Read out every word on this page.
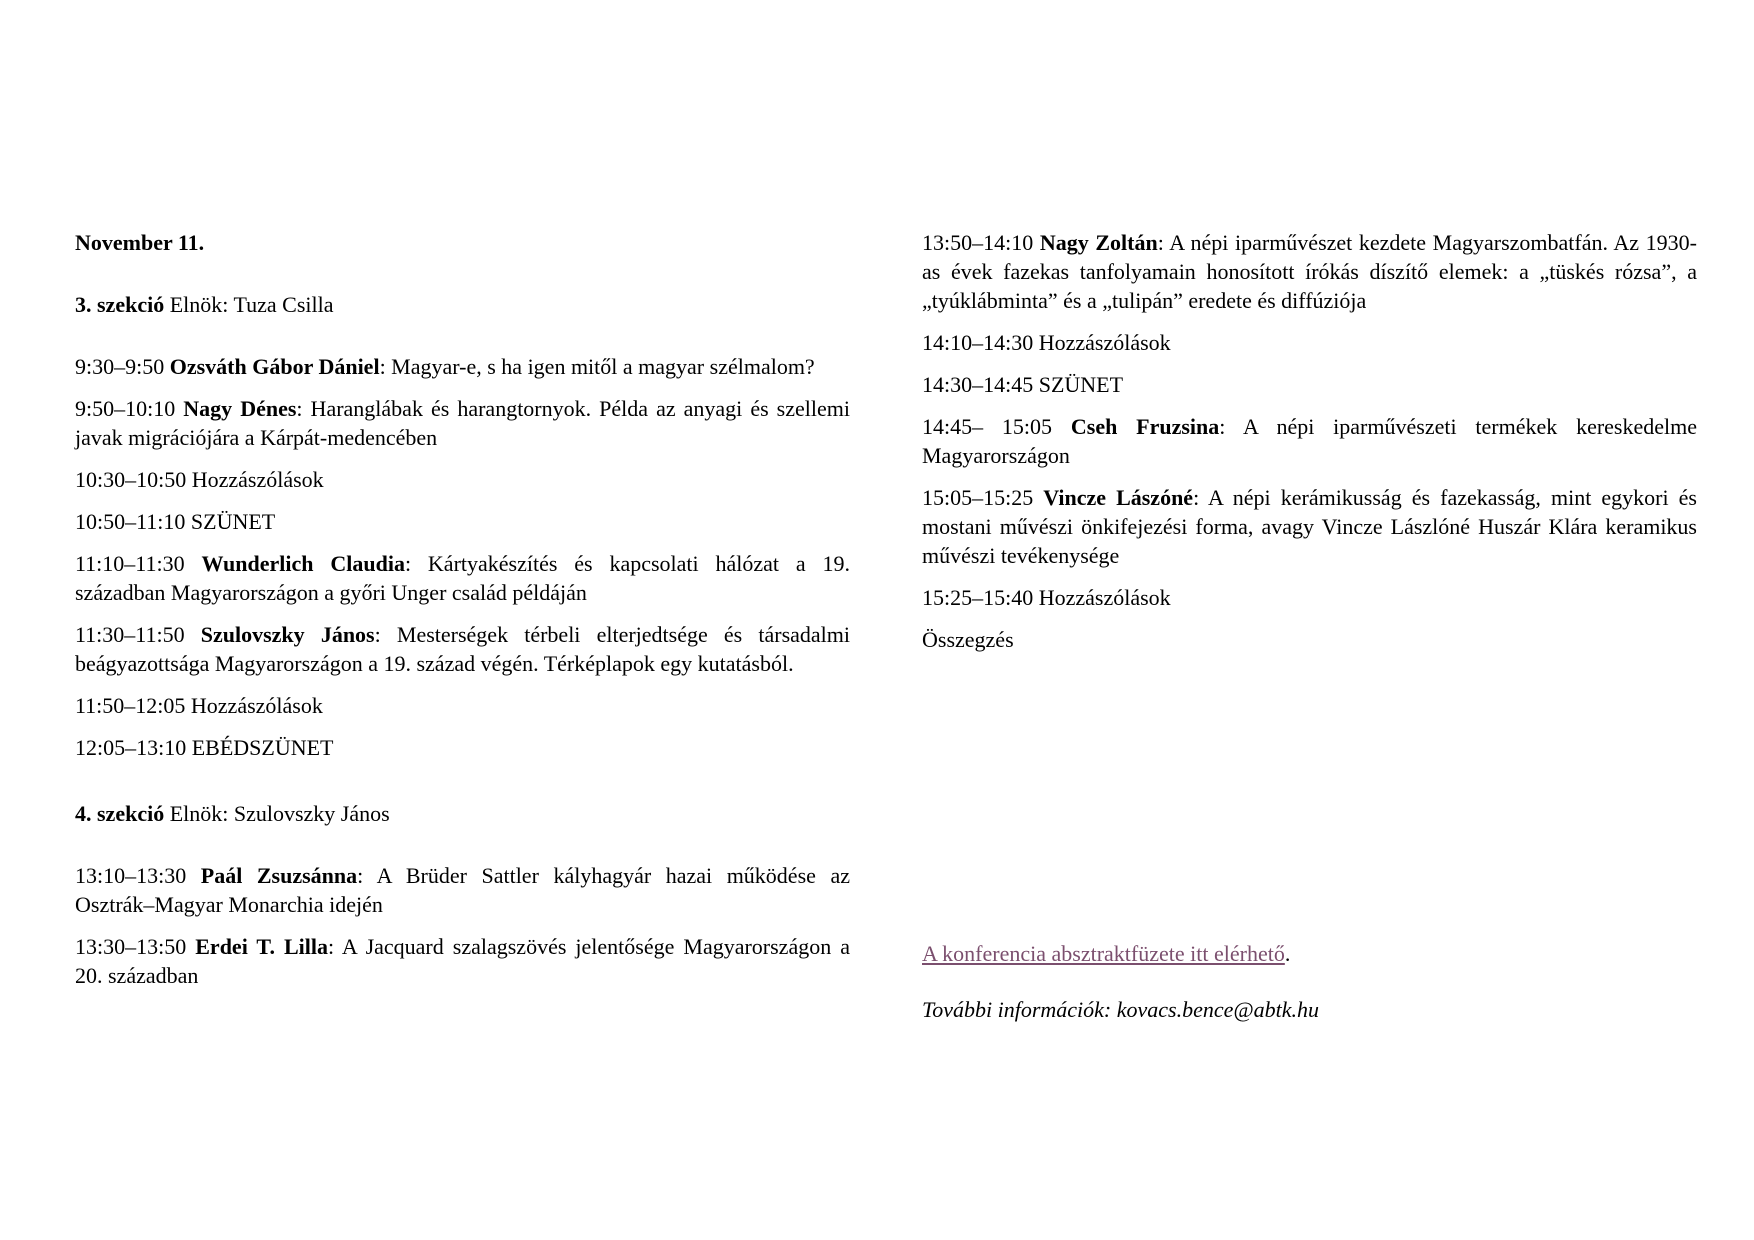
November 11.
3. szekció Elnök: Tuza Csilla
9:30–9:50 Ozsváth Gábor Dániel: Magyar-e, s ha igen mitől a magyar szélmalom?
9:50–10:10 Nagy Dénes: Haranglábak és harangtornyok. Példa az anyagi és szellemi javak migrációjára a Kárpát-medencében
10:30–10:50 Hozzászólások
10:50–11:10 SZÜNET
11:10–11:30 Wunderlich Claudia: Kártyakészítés és kapcsolati hálózat a 19. században Magyarországon a győri Unger család példáján
11:30–11:50 Szulovszky János: Mesterségek térbeli elterjedtsége és társadalmi beágyazottsága Magyarországon a 19. század végén. Térképlapok egy kutatásból.
11:50–12:05 Hozzászólások
12:05–13:10 EBÉDSZÜNET
4. szekció Elnök: Szulovszky János
13:10–13:30 Paál Zsuzsánna: A Brüder Sattler kályhagyár hazai működése az Osztrák–Magyar Monarchia idején
13:30–13:50 Erdei T. Lilla: A Jacquard szalagszövés jelentősége Magyarországon a 20. században
13:50–14:10 Nagy Zoltán: A népi iparművészet kezdete Magyarszombatfán. Az 1930-as évek fazekas tanfolyamain honosított írókás díszítő elemek: a „tüskés rózsa”, a „tyúklábminta” és a „tulipán” eredete és diffúziója
14:10–14:30 Hozzászólások
14:30–14:45 SZÜNET
14:45– 15:05 Cseh Fruzsina: A népi iparművészeti termékek kereskedelme Magyarországon
15:05–15:25 Vincze Lászóné: A népi kerámikusság és fazekasság, mint egykori és mostani művészi önkifejezési forma, avagy Vincze Lászlóné Huszár Klára keramikus művészi tevékenysége
15:25–15:40 Hozzászólások
Összegzés
A konferencia absztraktfüzete itt elérhető.
További információk: kovacs.bence@abtk.hu
